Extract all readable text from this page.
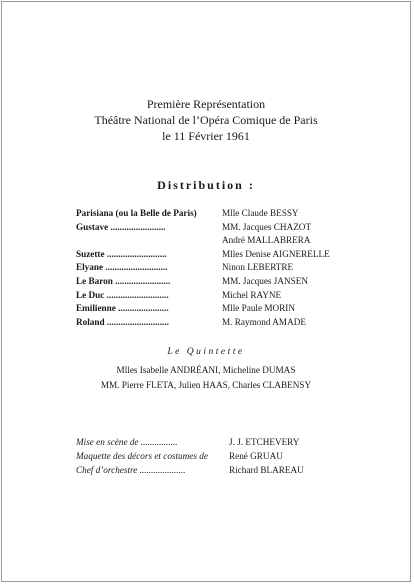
Première Représentation
Théâtre National de l’Opéra Comique de Paris
le 11 Février 1961
Distribution :
Parisiana (ou la Belle de Paris)	Mlle Claude BESSY
Gustave ........................	MM. Jacques CHAZOT
André MALLABRERA
Suzette ..........................	Mlles Denise AIGNERELLE
Elyane ...........................	Ninon LEBERTRE
Le Baron ........................	MM. Jacques JANSEN
Le Duc ...........................	Michel RAYNE
Emilienne ......................	Mlle Paule MORIN
Roland ...........................	M. Raymond AMADE
Le Quintette
Mlles Isabelle ANDRÉANI, Micheline DUMAS
MM. Pierre FLETA, Julien HAAS, Charles CLABENSY
Mise en scène de ................	J. J. ETCHEVERY
Maquette des décors et costumes de	René GRUAU
Chef d’orchestre ....................	Richard BLAREAU
